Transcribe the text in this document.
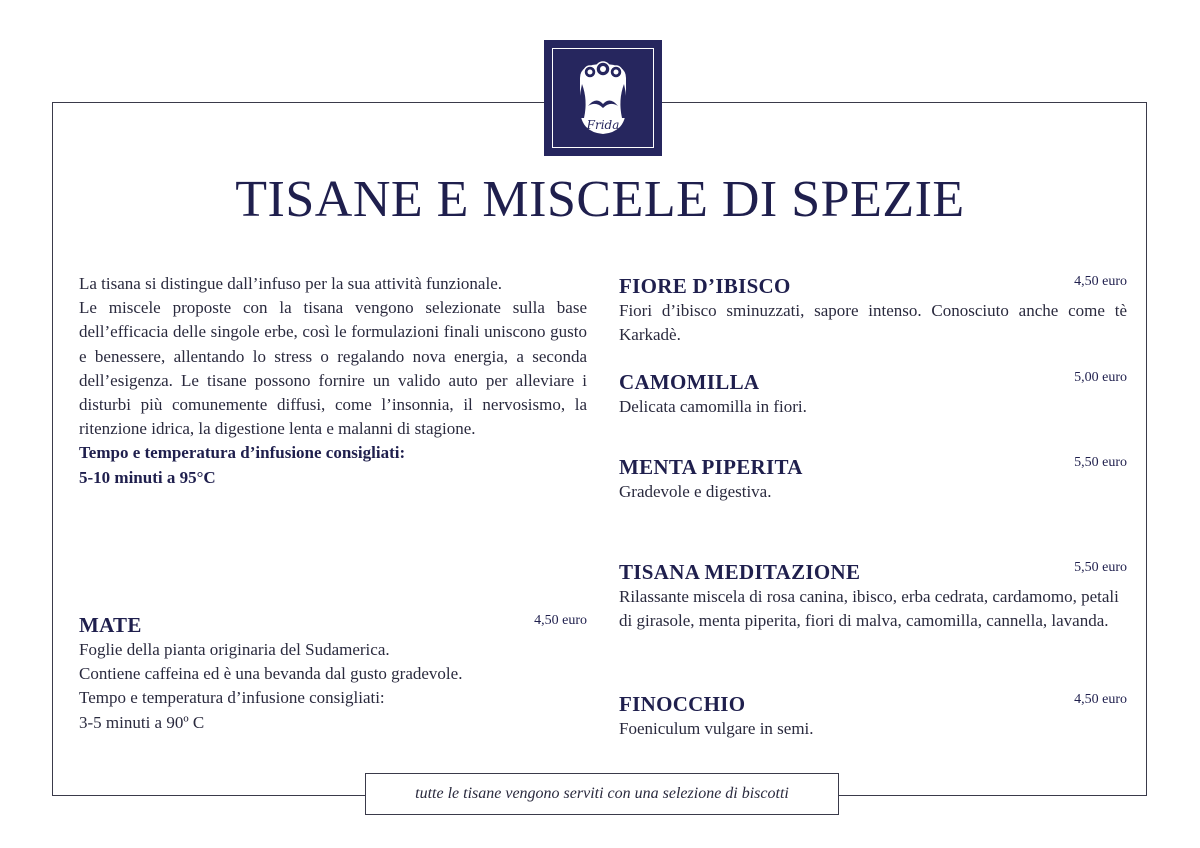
Frida
TISANE E MISCELE DI SPEZIE

La tisana si distingue dall’infuso per la sua attività funzionale.

Le miscele proposte con la tisana vengono selezionate sulla base dell’efficacia delle singole erbe, così le formulazioni finali uniscono gusto e benessere, allentando lo stress o regalando nova energia, a seconda dell’esigenza. Le tisane possono fornire un valido auto per alleviare i disturbi più comunemente diffusi, come l’insonnia, il nervosismo, la ritenzione idrica, la digestione lenta e malanni di stagione.

Tempo e temperatura d’infusione consigliati:

5-10 minuti a 95°C

MATE	4,50 euro
Foglie della pianta originaria del Sudamerica.
Contiene caffeina ed è una bevanda dal gusto gradevole.
Tempo e temperatura d’infusione consigliati:
3-5 minuti a 90º C
FIORE D’IBISCO	4,50 euro
Fiori d’ibisco sminuzzati, sapore intenso. Conosciuto anche come tè Karkadè.
CAMOMILLA	5,00 euro
Delicata camomilla in fiori.
MENTA PIPERITA	5,50 euro
Gradevole e digestiva.
TISANA MEDITAZIONE	5,50 euro
Rilassante miscela di rosa canina, ibisco, erba cedrata, cardamomo, petali di girasole, menta piperita, fiori di malva, camomilla, cannella, lavanda.
FINOCCHIO	4,50 euro
Foeniculum vulgare in semi.
tutte le tisane vengono serviti con una selezione di biscotti
